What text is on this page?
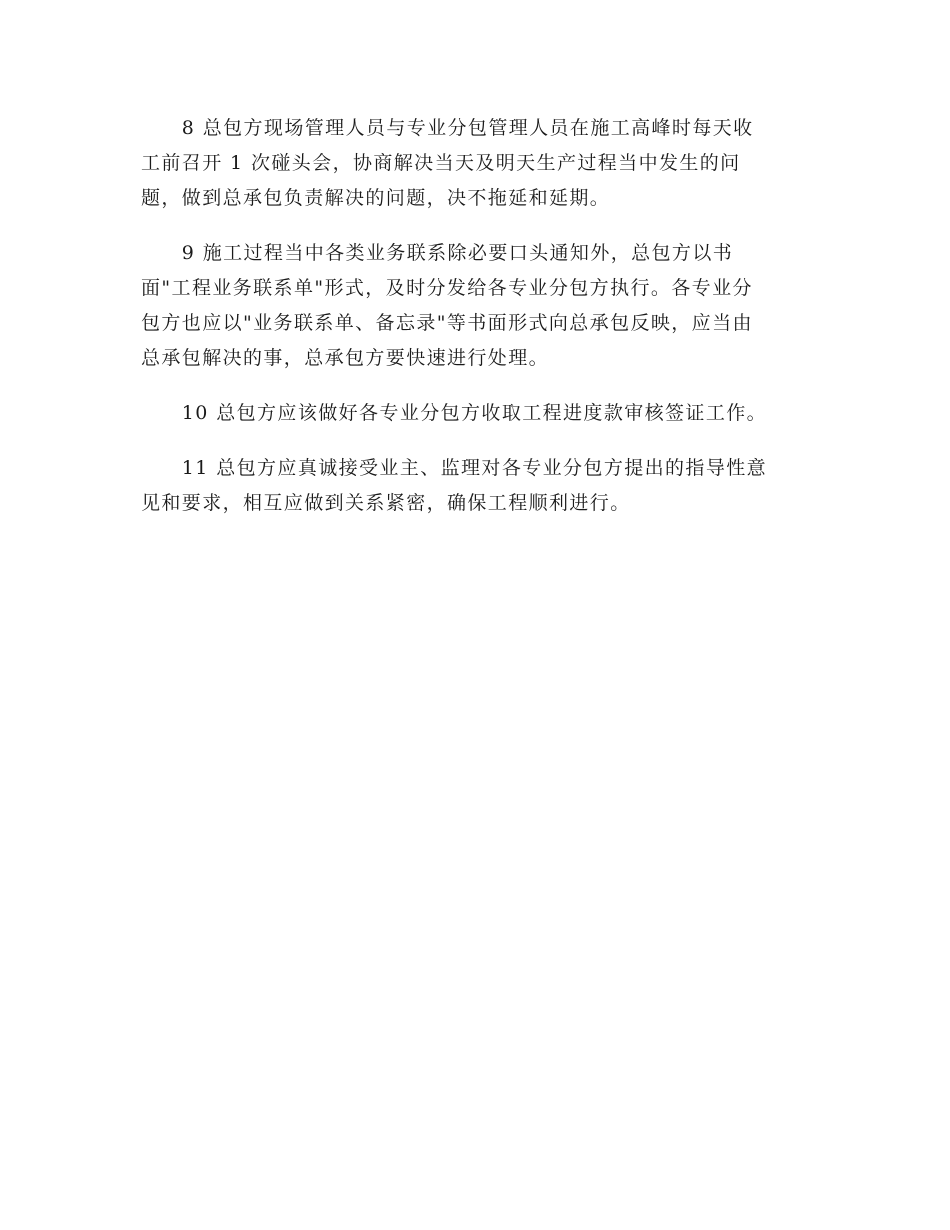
　　8 总包方现场管理人员与专业分包管理人员在施工高峰时每天收
工前召开 1 次碰头会，协商解决当天及明天生产过程当中发生的问
题，做到总承包负责解决的问题，决不拖延和延期。

　　9 施工过程当中各类业务联系除必要口头通知外，总包方以书
面"工程业务联系单"形式，及时分发给各专业分包方执行。各专业分
包方也应以"业务联系单、备忘录"等书面形式向总承包反映，应当由
总承包解决的事，总承包方要快速进行处理。

　　10 总包方应该做好各专业分包方收取工程进度款审核签证工作。

　　11 总包方应真诚接受业主、监理对各专业分包方提出的指导性意
见和要求，相互应做到关系紧密，确保工程顺利进行。
